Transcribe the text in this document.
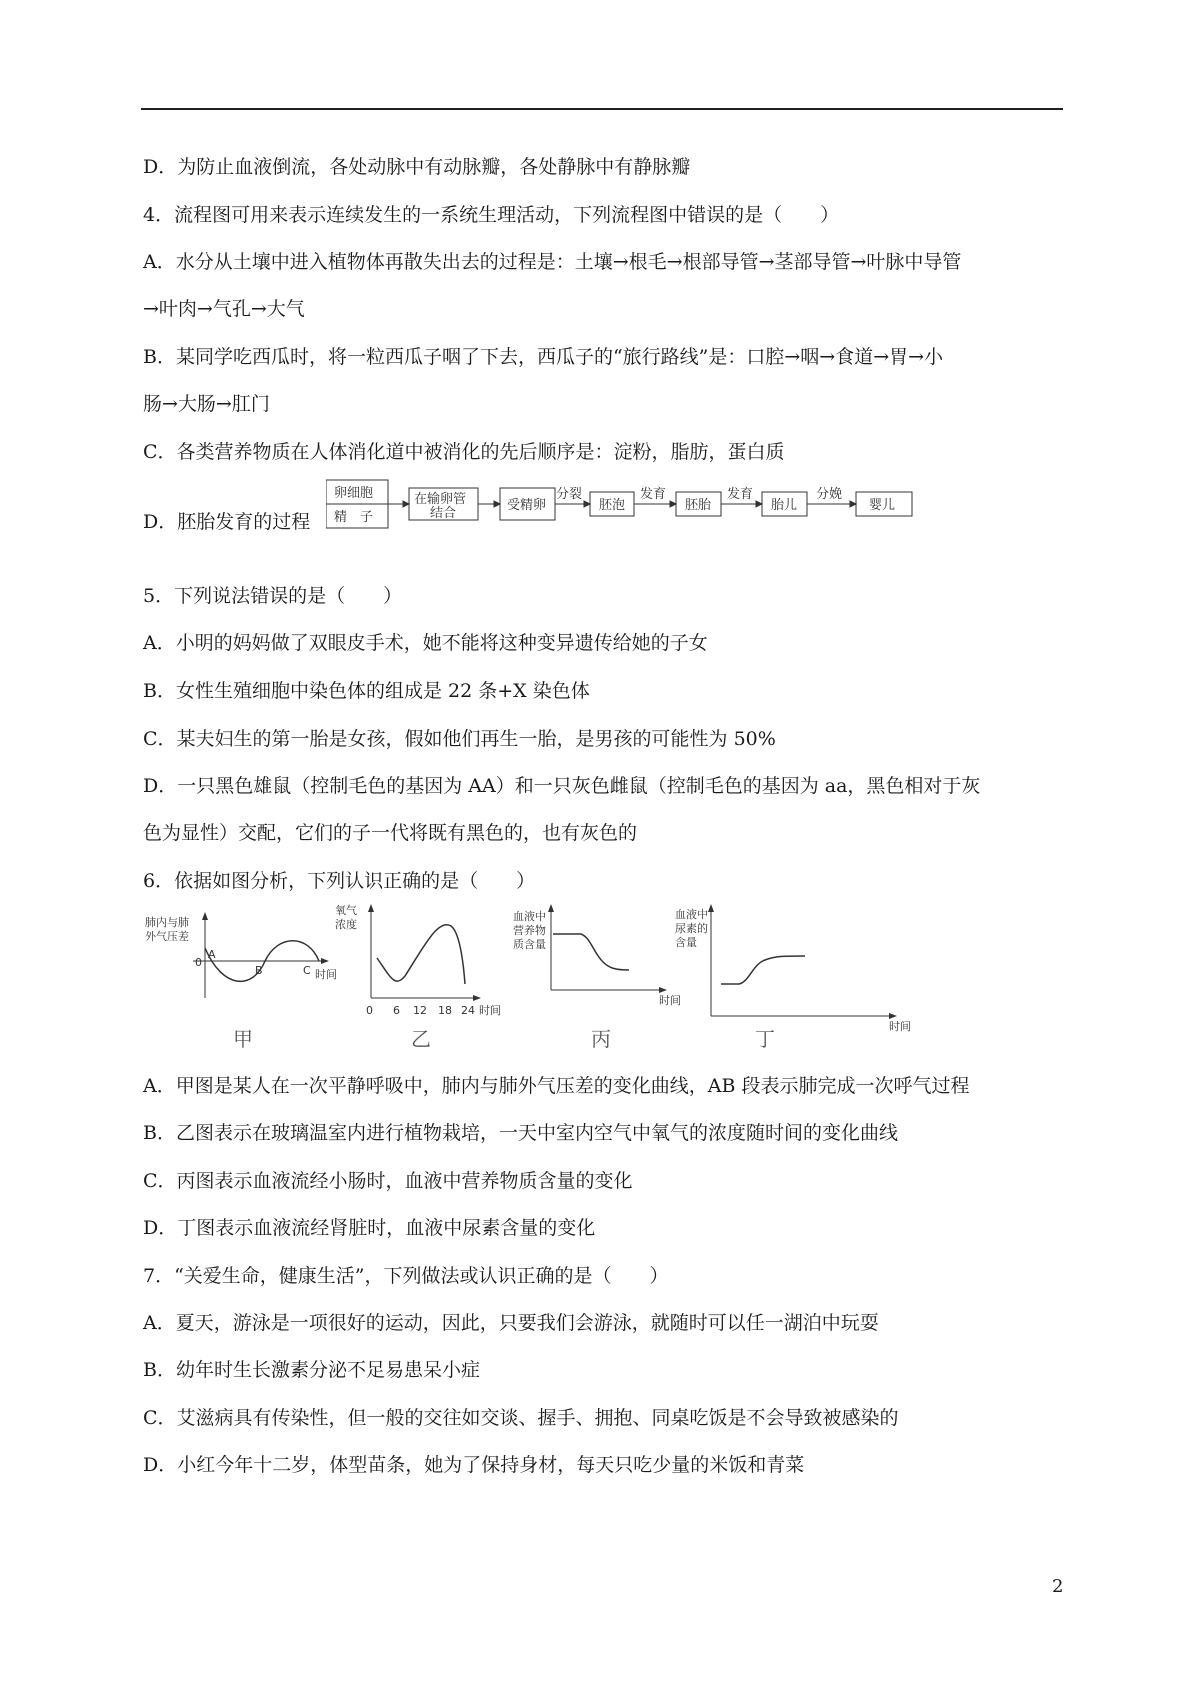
D．为防止血液倒流，各处动脉中有动脉瓣，各处静脉中有静脉瓣
4．流程图可用来表示连续发生的一系统生理活动，下列流程图中错误的是（　　）
A．水分从土壤中进入植物体再散失出去的过程是：土壤→根毛→根部导管→茎部导管→叶脉中导管
→叶肉→气孔→大气
B．某同学吃西瓜时，将一粒西瓜子咽了下去，西瓜子的“旅行路线”是：口腔→咽→食道→胃→小
肠→大肠→肛门
C．各类营养物质在人体消化道中被消化的先后顺序是：淀粉，脂肪，蛋白质
D．胚胎发育的过程
卵细胞
精　子
在输卵管
结合
受精卵
分裂
胚泡
发育
胚胎
发育
胎儿
分娩
婴儿
5．下列说法错误的是（　　）
A．小明的妈妈做了双眼皮手术，她不能将这种变异遗传给她的子女
B．女性生殖细胞中染色体的组成是 22 条+X 染色体
C．某夫妇生的第一胎是女孩，假如他们再生一胎，是男孩的可能性为 50%
D．一只黑色雄鼠（控制毛色的基因为 AA）和一只灰色雌鼠（控制毛色的基因为 aa，黑色相对于灰
色为显性）交配，它们的子一代将既有黑色的，也有灰色的
6．依据如图分析，下列认识正确的是（　　）
肺内与肺
外气压差
0
A
B	C 时间
甲
氧气
浓度
0 6 12 18 24 时间
乙
血液中
营养物
质含量
时间
丙
血液中
尿素的
含量
时间
丁
A．甲图是某人在一次平静呼吸中，肺内与肺外气压差的变化曲线，AB 段表示肺完成一次呼气过程
B．乙图表示在玻璃温室内进行植物栽培，一天中室内空气中氧气的浓度随时间的变化曲线
C．丙图表示血液流经小肠时，血液中营养物质含量的变化
D．丁图表示血液流经肾脏时，血液中尿素含量的变化
7．“关爱生命，健康生活”，下列做法或认识正确的是（　　）
A．夏天，游泳是一项很好的运动，因此，只要我们会游泳，就随时可以任一湖泊中玩耍
B．幼年时生长激素分泌不足易患呆小症
C．艾滋病具有传染性，但一般的交往如交谈、握手、拥抱、同桌吃饭是不会导致被感染的
D．小红今年十二岁，体型苗条，她为了保持身材，每天只吃少量的米饭和青菜
2
